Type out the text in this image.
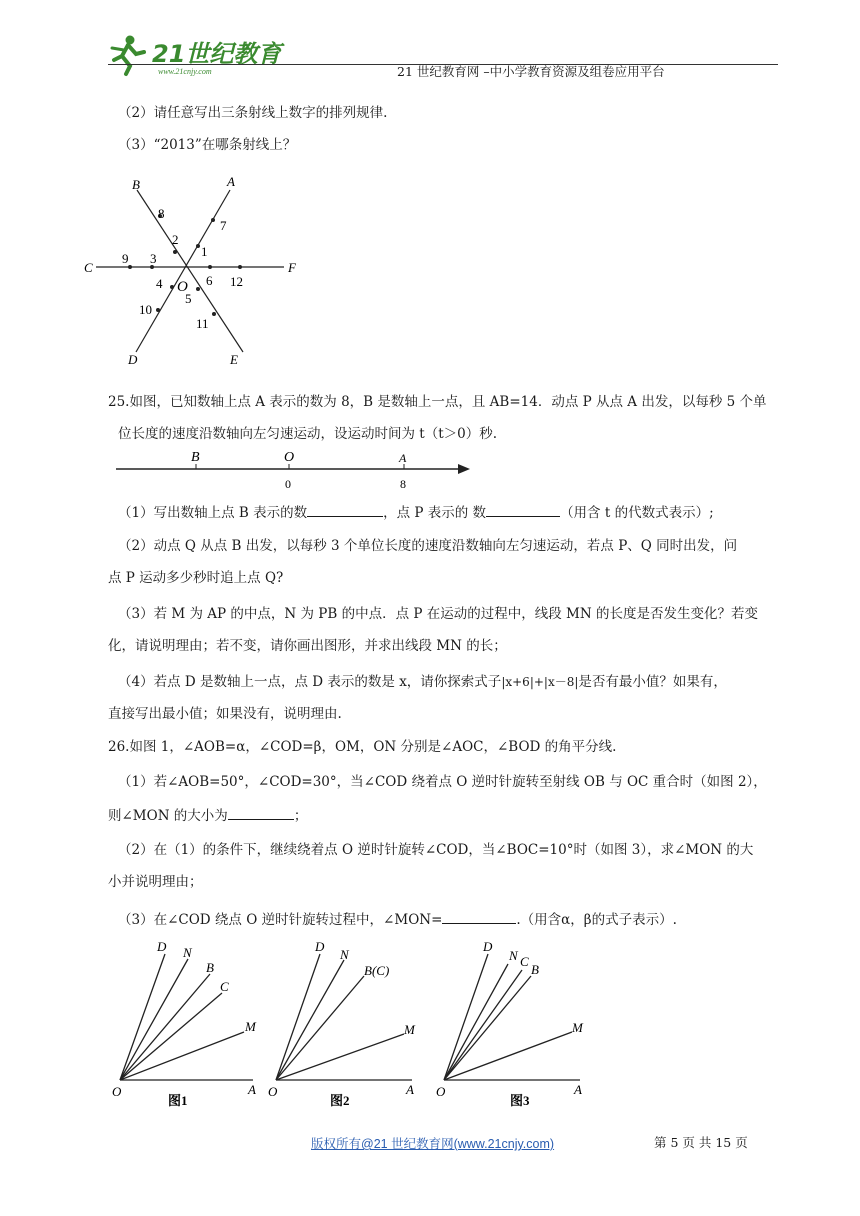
21世纪教育
www.21cnjy.com	21 世纪教育网 –中小学教育资源及组卷应用平台
（2）请任意写出三条射线上数字的排列规律.
（3）“2013”在哪条射线上？
B	A
C	F
D	E
O
1
2
3
4
5
6
7
8
9
10
11
12
25.如图，已知数轴上点 A 表示的数为 8，B 是数轴上一点，且 AB=14．动点 P 从点 A 出发，以每秒 5 个单
位长度的速度沿数轴向左匀速运动，设运动时间为 t（t＞0）秒.
B	O	A
0	8
（1）写出数轴上点 B 表示的数	，点 P 表示的 数	（用含 t 的代数式表示）;
（2）动点 Q 从点 B 出发，以每秒 3 个单位长度的速度沿数轴向左匀速运动，若点 P、Q 同时出发，问
点 P 运动多少秒时追上点 Q?
（3）若 M 为 AP 的中点，N 为 PB 的中点．点 P 在运动的过程中，线段 MN 的长度是否发生变化？若变
化，请说明理由；若不变，请你画出图形，并求出线段 MN 的长；
（4）若点 D 是数轴上一点，点 D 表示的数是 x，请你探索式子|x+6|+|x－8|是否有最小值？如果有，
直接写出最小值；如果没有，说明理由.
26.如图 1，∠AOB=α，∠COD=β，OM，ON 分别是∠AOC，∠BOD 的角平分线.
（1）若∠AOB=50°，∠COD=30°，当∠COD 绕着点 O 逆时针旋转至射线 OB 与 OC 重合时（如图 2），
则∠MON 的大小为	；
（2）在（1）的条件下，继续绕着点 O 逆时针旋转∠COD，当∠BOC=10°时（如图 3），求∠MON 的大
小并说明理由；
（3）在∠COD 绕点 O 逆时针旋转过程中，∠MON=	.（用含α，β的式子表示）.
D N
B
C
M
O	A
图1
D
N
B(C)
M
O	A
图2
D
N C
B
M
O	A
图3
版权所有@21 世纪教育网(www.21cnjy.com)	第 5 页 共 15 页
